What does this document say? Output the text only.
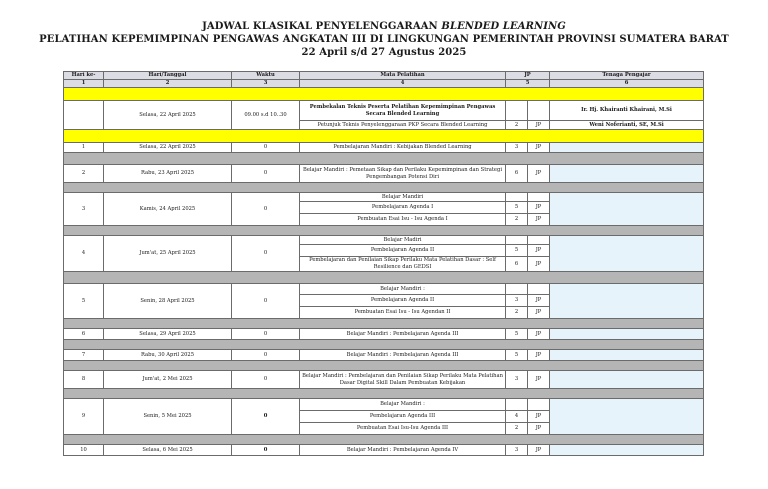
JADWAL KLASIKAL PENYELENGGARAAN BLENDED LEARNING
PELATIHAN KEPEMIMPINAN PENGAWAS ANGKATAN III DI LINGKUNGAN PEMERINTAH PROVINSI SUMATERA BARAT
22 April s/d 27 Agustus 2025
Hari ke-	Hari/Tanggal	Waktu	Mata Pelatihan	JP		Tenaga Pengajar
1	2	3	4	5		6

	Selasa, 22 April 2025	09.00 s.d 10..30	Pembekalan Teknis Peserta Pelatihan Kepemimpinan Pengawas Secara Blended Learning			Ir. Hj. Khairanti Khairani, M.Si
			Petunjuk Teknis Penyelenggaraan PKP Secara Blended Learning	2	JP	Weni Noferianti, SE, M.Si

1	Selasa, 22 April 2025	0	Pembelajaran Mandiri : Kebijakan Blended Learning	3	JP	

2	Rabu, 23 April 2025	0	Belajar Mandiri : Pemetaan Sikap dan Perilaku Kepemimpinan dan Strategi Pengembangan Potensi Diri	6	JP	

3	Kamis, 24 April 2025	0	Belajar Mandiri			
			Pembelajaran Agenda I	5	JP	
			Pembuatan Esai Isu - Isu Agenda I	2	JP	

4	Jum'at, 25 April 2025	0	Belajar Madiri			
			Pembelajaran Agenda II	5	JP	
			Pembelajaran dan Penilaian Sikap Perilaku Mata Pelatihan Dasar : Self Resilience dan GEDSI	6	JP	

5	Senin, 28 April 2025	0	Belajar Mandiri :			
			Pembelajaran Agenda II	3	JP	
			Pembuatan Esai Isu - Isu Agendan II	2	JP	

6	Selasa, 29 April 2025	0	Belajar Mandiri : Pembelajaran Agenda III	5	JP	

7	Rabu, 30 April 2025	0	Belajar Mandiri : Pembelajaran Agenda III	5	JP	

8	Jum'at, 2 Mei 2025	0	Belajar Mandiri : Pembelajaran dan Penilaian Sikap Perilaku Mata Pelatihan Dasar Digital Skill Dalam Pembuatan Kebijakan	3	JP	

9	Senin, 5 Mei 2025	0	Belajar Mandiri :			
			Pembelajaran Agenda III	4	JP	
			Pembuatan Esai Isu-Isu Agenda III	2	JP	

10	Selasa, 6 Mei 2025	0	Belajar Mandiri : Pembelajaran Agenda IV	3	JP	
